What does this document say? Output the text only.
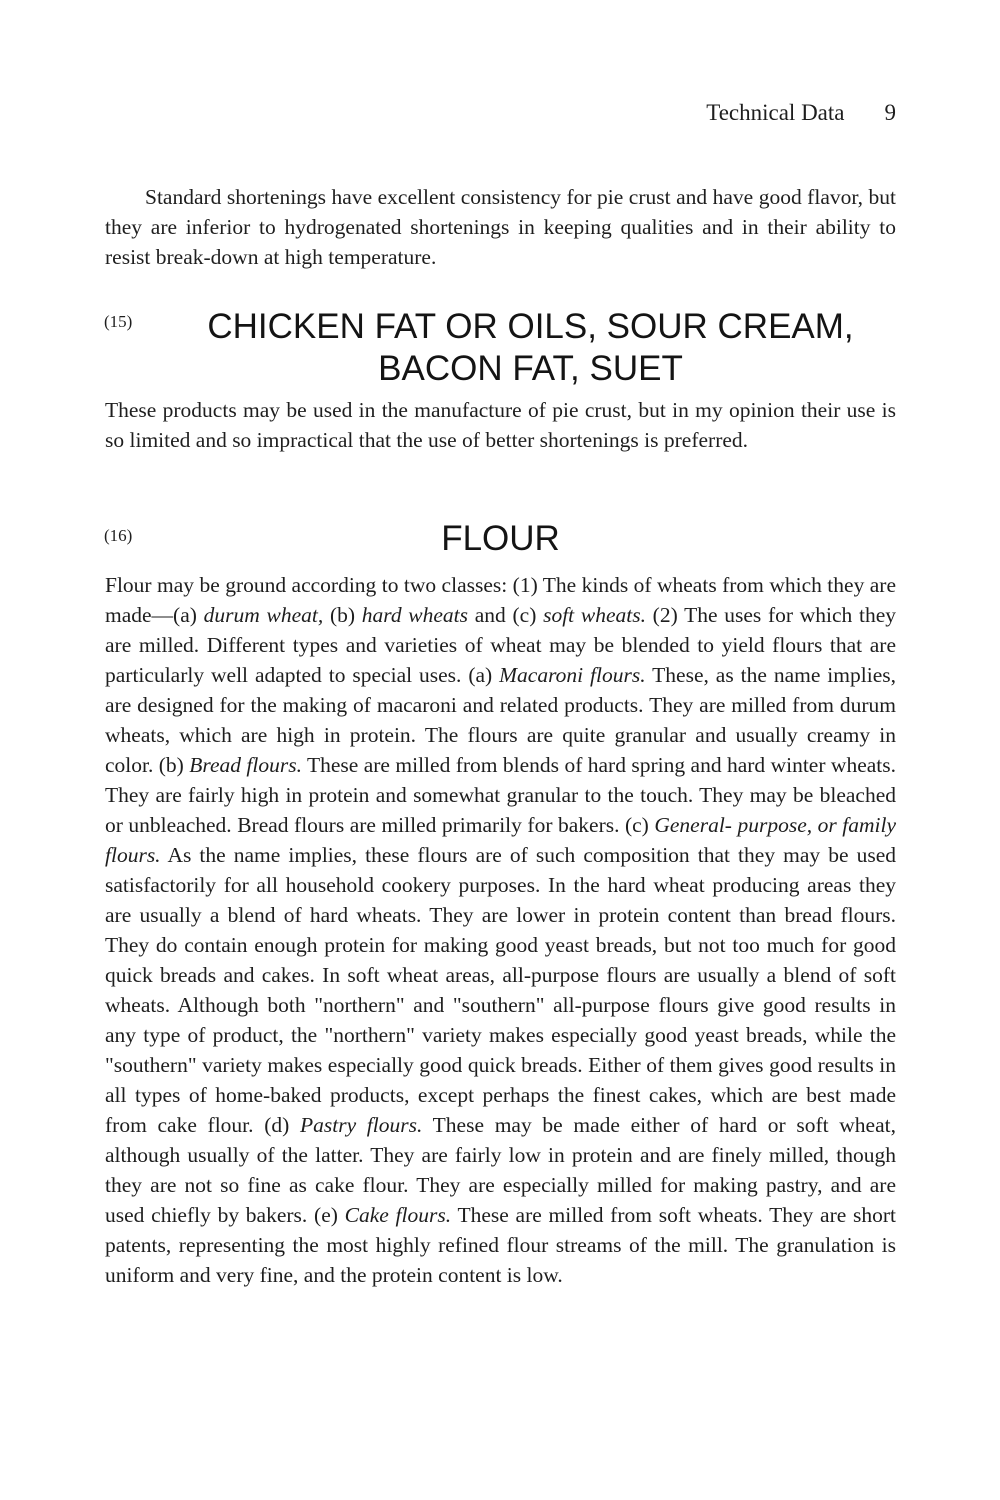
Technical Data 9

Standard shortenings have excellent consistency for pie crust and have good flavor, but they are inferior to hydrogenated shortenings in keeping qualities and in their ability to resist break-down at high temperature.

(15)	CHICKEN FAT OR OILS, SOUR CREAM,
BACON FAT, SUET

These products may be used in the manufacture of pie crust, but in my opinion their use is so limited and so impractical that the use of better shortenings is preferred.

(16)	FLOUR

Flour may be ground according to two classes: (1) The kinds of wheats from which they are made—(a) durum wheat, (b) hard wheats and (c) soft wheats. (2) The uses for which they are milled. Different types and varieties of wheat may be blended to yield flours that are particularly well adapted to special uses. (a) Macaroni flours. These, as the name implies, are designed for the making of macaroni and related products. They are milled from durum wheats, which are high in protein. The flours are quite granular and usually creamy in color. (b) Bread flours. These are milled from blends of hard spring and hard winter wheats. They are fairly high in protein and somewhat granular to the touch. They may be bleached or unbleached. Bread flours are milled primarily for bakers. (c) General- purpose, or family flours. As the name implies, these flours are of such composition that they may be used satisfactorily for all household cookery purposes. In the hard wheat producing areas they are usually a blend of hard wheats. They are lower in protein content than bread flours. They do contain enough protein for making good yeast breads, but not too much for good quick breads and cakes. In soft wheat areas, all-purpose flours are usually a blend of soft wheats. Although both "northern" and "southern" all-purpose flours give good results in any type of product, the "northern" variety makes especially good yeast breads, while the "southern" variety makes especially good quick breads. Either of them gives good results in all types of home-baked products, except perhaps the finest cakes, which are best made from cake flour. (d) Pastry flours. These may be made either of hard or soft wheat, although usually of the latter. They are fairly low in protein and are finely milled, though they are not so fine as cake flour. They are especially milled for making pastry, and are used chiefly by bakers. (e) Cake flours. These are milled from soft wheats. They are short patents, representing the most highly refined flour streams of the mill. The granulation is uniform and very fine, and the protein content is low.
